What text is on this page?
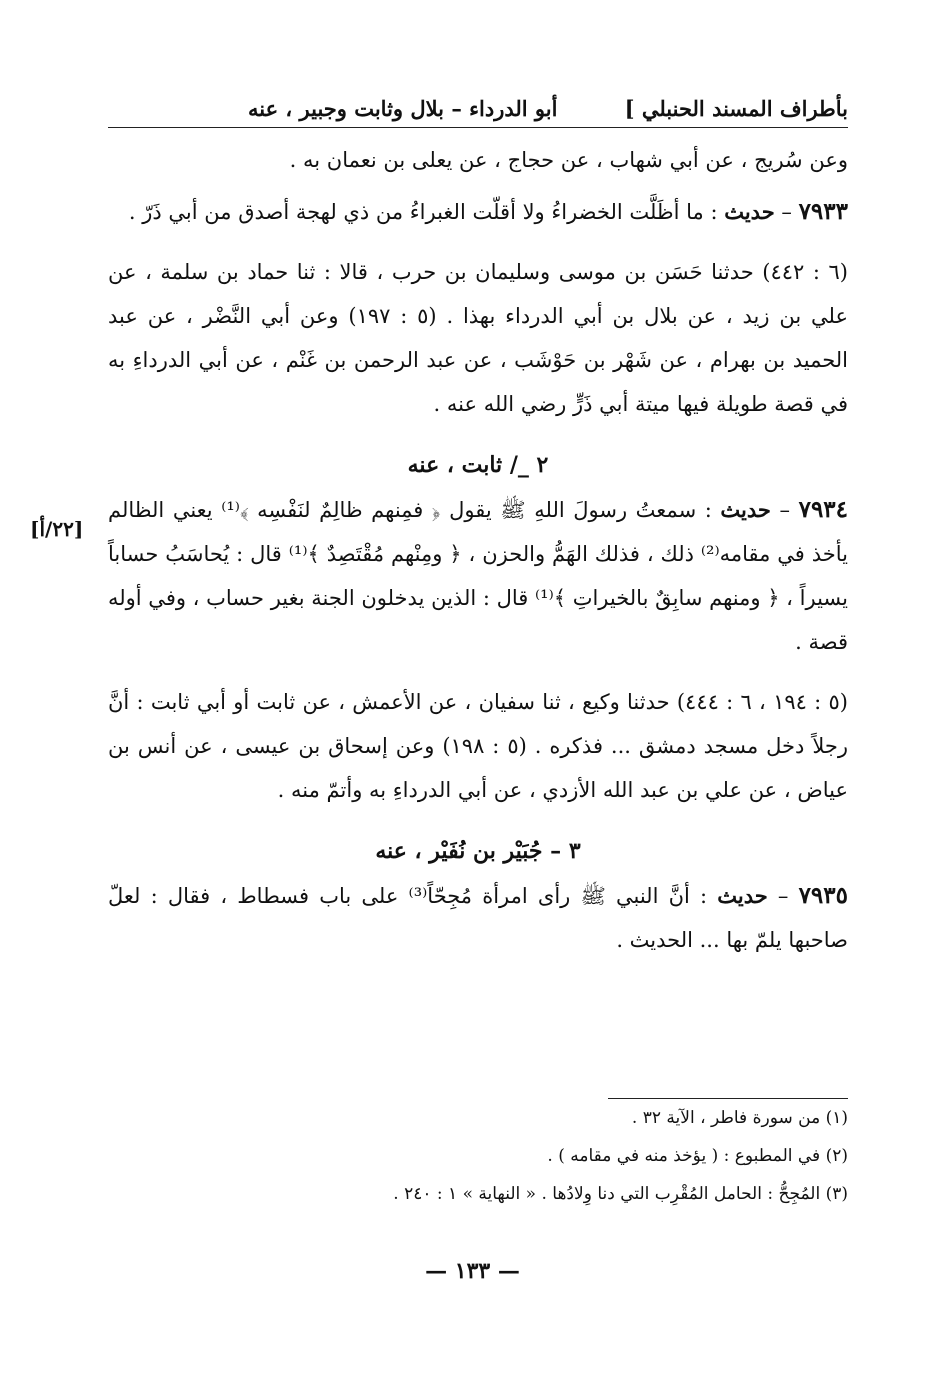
بأطراف المسند الحنبلي ]
أبو الدرداء – بلال وثابت وجبير ، عنه

وعن سُريج ، عن أبي شهاب ، عن حجاج ، عن يعلى بن نعمان به .

٧٩٣٣ – حديث : ما أظَلَّت الخضراءُ ولا أقلّت الغبراءُ من ذي لهجة أصدق من أبي ذَرّ .

(٦ : ٤٤٢) حدثنا حَسَن بن موسى وسليمان بن حرب ، قالا : ثنا حماد بن سلمة ، عن علي بن زيد ، عن بلال بن أبي الدرداء بهذا . (٥ : ١٩٧) وعن أبي النَّضْر ، عن عبد الحميد بن بهرام ، عن شَهْر بن حَوْشَب ، عن عبد الرحمن بن غَنْم ، عن أبي الدرداءِ به في قصة طويلة فيها ميتة أبي ذَرٍّ رضي الله عنه .

٢ _/ ثابت ، عنه

٧٩٣٤ – حديث : سمعتُ رسولَ اللهِ ﷺ يقول ﴿ فمِنهم ظالِمٌ لنَفْسِه ﴾⁽¹⁾ يعني الظالم يأخذ في مقامه⁽²⁾ ذلك ، فذلك الهَمُّ والحزن ، ﴿ ومِنْهم مُقْتَصِدٌ ﴾⁽¹⁾ قال : يُحاسَبُ حساباً يسيراً ، ﴿ ومنهم سابِقٌ بالخيراتِ ﴾⁽¹⁾ قال : الذين يدخلون الجنة بغير حساب ، وفي أوله قصة .

(٥ : ١٩٤ ، ٦ : ٤٤٤) حدثنا وكيع ، ثنا سفيان ، عن الأعمش ، عن ثابت أو أبي ثابت : أنَّ رجلاً دخل مسجد دمشق ... فذكره . (٥ : ١٩٨) وعن إسحاق بن عيسى ، عن أنس بن عياض ، عن علي بن عبد الله الأزدي ، عن أبي الدرداءِ به وأتمّ منه .

٣ – جُبَيْر بن نُفَيْر ، عنه

٧٩٣٥ – حديث : أنَّ النبي ﷺ رأى امرأة مُجِحّاً⁽³⁾ على باب فسطاط ، فقال : لعلّ صاحبها يلمّ بها ... الحديث .

[٢٢/أ]
(١) من سورة فاطر ، الآية ٣٢ .
(٢) في المطبوع : ( يؤخذ منه في مقامه ) .
(٣) المُجِحُّ : الحامل المُقْرِب التي دنا وِلادُها . « النهاية » ١ : ٢٤٠ .
— ١٣٣ —
